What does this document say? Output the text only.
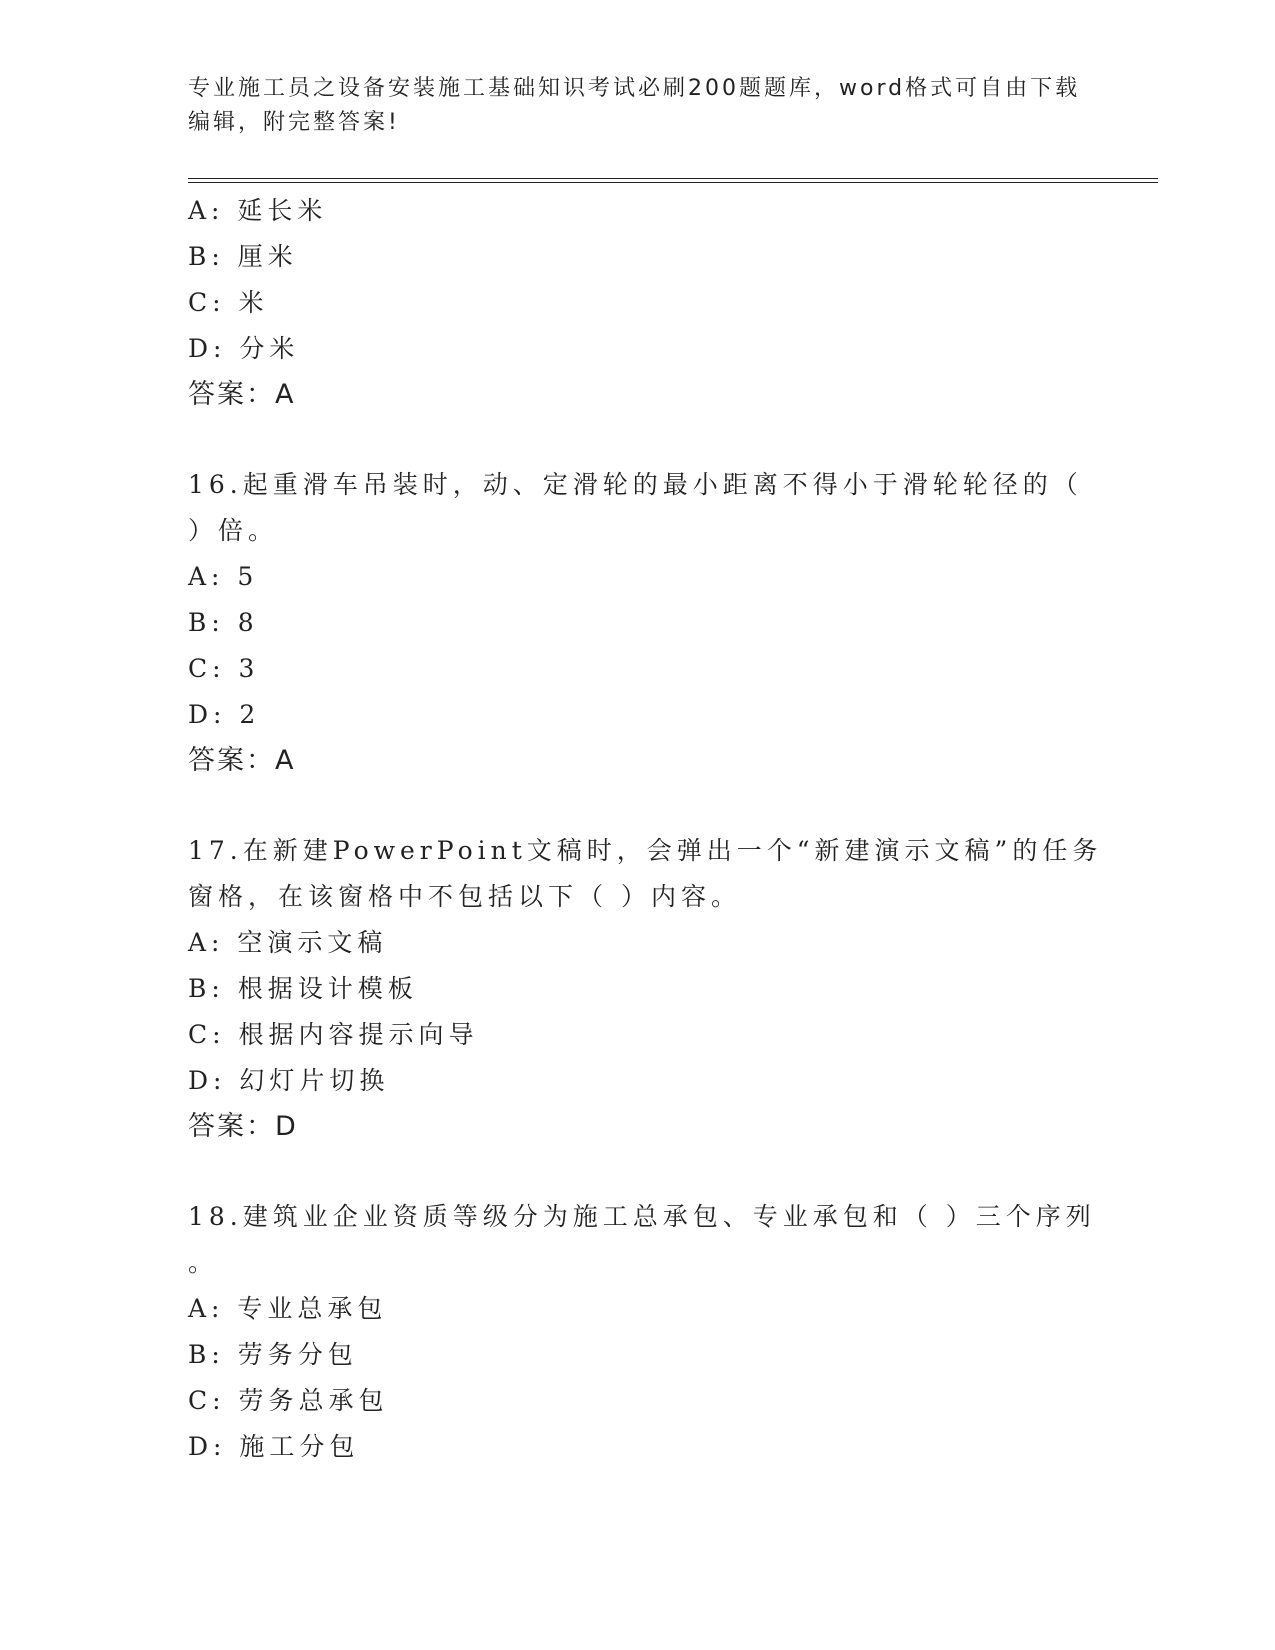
专业施工员之设备安装施工基础知识考试必刷200题题库，word格式可自由下载
编辑，附完整答案!
A: 延长米
B: 厘米
C: 米
D: 分米
答案：A
16.起重滑车吊装时，动、定滑轮的最小距离不得小于滑轮轮径的（
）倍。
A: 5
B: 8
C: 3
D: 2
答案：A
17.在新建PowerPoint文稿时，会弹出一个“新建演示文稿”的任务
窗格，在该窗格中不包括以下（ ）内容。
A: 空演示文稿
B: 根据设计模板
C: 根据内容提示向导
D: 幻灯片切换
答案：D
18.建筑业企业资质等级分为施工总承包、专业承包和（ ）三个序列
。
A: 专业总承包
B: 劳务分包
C: 劳务总承包
D: 施工分包
